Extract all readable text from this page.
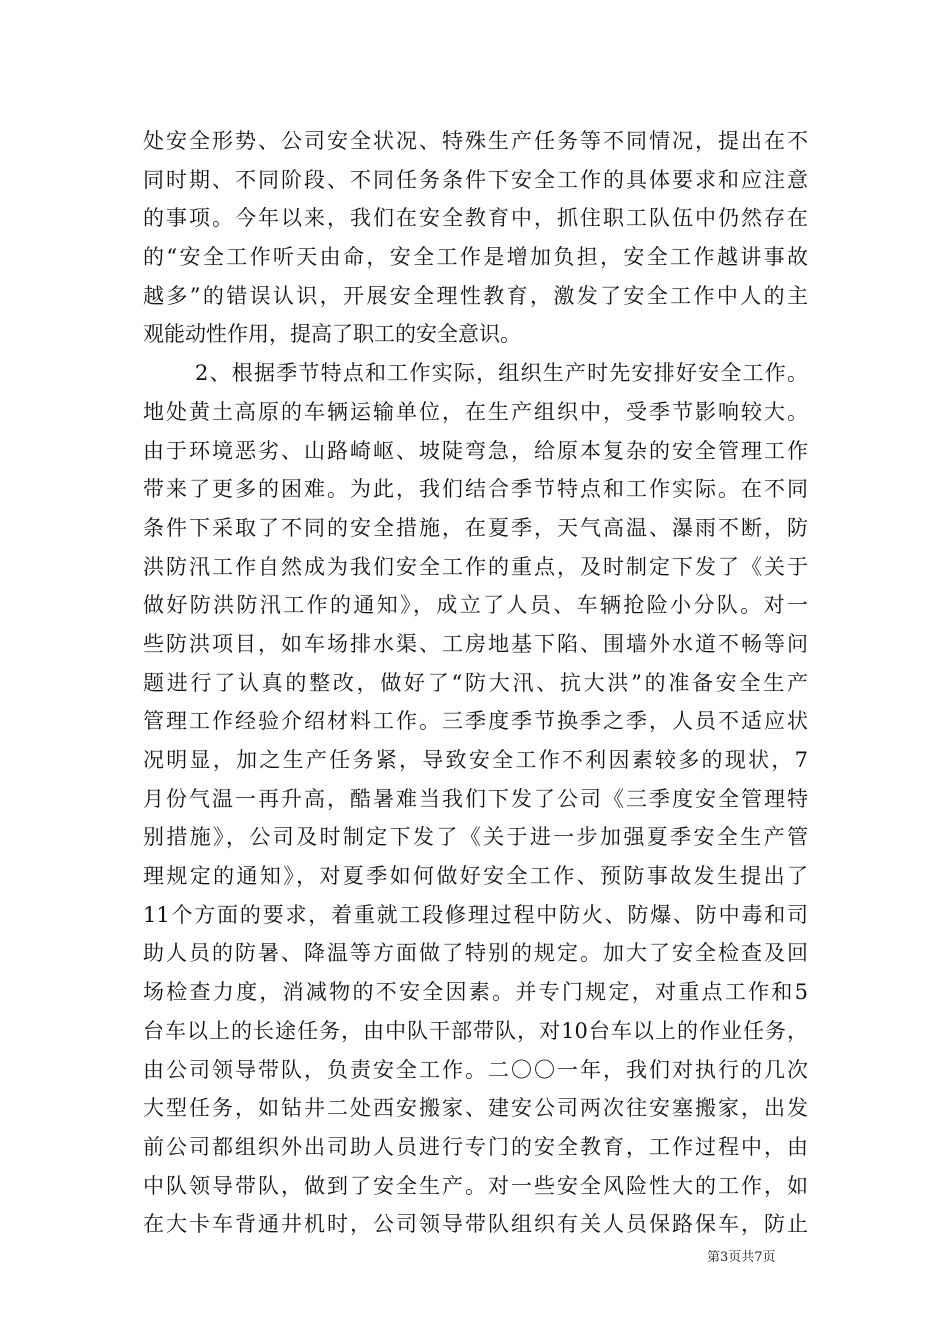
处安全形势、公司安全状况、特殊生产任务等不同情况，提出在不
同时期、不同阶段、不同任务条件下安全工作的具体要求和应注意
的事项。今年以来，我们在安全教育中，抓住职工队伍中仍然存在
的“安全工作听天由命，安全工作是增加负担，安全工作越讲事故
越多”的错误认识，开展安全理性教育，激发了安全工作中人的主
观能动性作用，提高了职工的安全意识。
2、根据季节特点和工作实际，组织生产时先安排好安全工作。
地处黄土高原的车辆运输单位，在生产组织中，受季节影响较大。
由于环境恶劣、山路崎岖、坡陡弯急，给原本复杂的安全管理工作
带来了更多的困难。为此，我们结合季节特点和工作实际。在不同
条件下采取了不同的安全措施，在夏季，天气高温、瀑雨不断，防
洪防汛工作自然成为我们安全工作的重点，及时制定下发了《关于
做好防洪防汛工作的通知》，成立了人员、车辆抢险小分队。对一
些防洪项目，如车场排水渠、工房地基下陷、围墙外水道不畅等问
题进行了认真的整改，做好了“防大汛、抗大洪”的准备安全生产
管理工作经验介绍材料工作。三季度季节换季之季，人员不适应状
况明显，加之生产任务紧，导致安全工作不利因素较多的现状，7
月份气温一再升高，酷暑难当我们下发了公司《三季度安全管理特
别措施》，公司及时制定下发了《关于进一步加强夏季安全生产管
理规定的通知》，对夏季如何做好安全工作、预防事故发生提出了
11个方面的要求，着重就工段修理过程中防火、防爆、防中毒和司
助人员的防暑、降温等方面做了特别的规定。加大了安全检查及回
场检查力度，消减物的不安全因素。并专门规定，对重点工作和5
台车以上的长途任务，由中队干部带队，对10台车以上的作业任务，
由公司领导带队，负责安全工作。二〇〇一年，我们对执行的几次
大型任务，如钻井二处西安搬家、建安公司两次往安塞搬家，出发
前公司都组织外出司助人员进行专门的安全教育，工作过程中，由
中队领导带队，做到了安全生产。对一些安全风险性大的工作，如
在大卡车背通井机时，公司领导带队组织有关人员保路保车，防止
第3页共7页
